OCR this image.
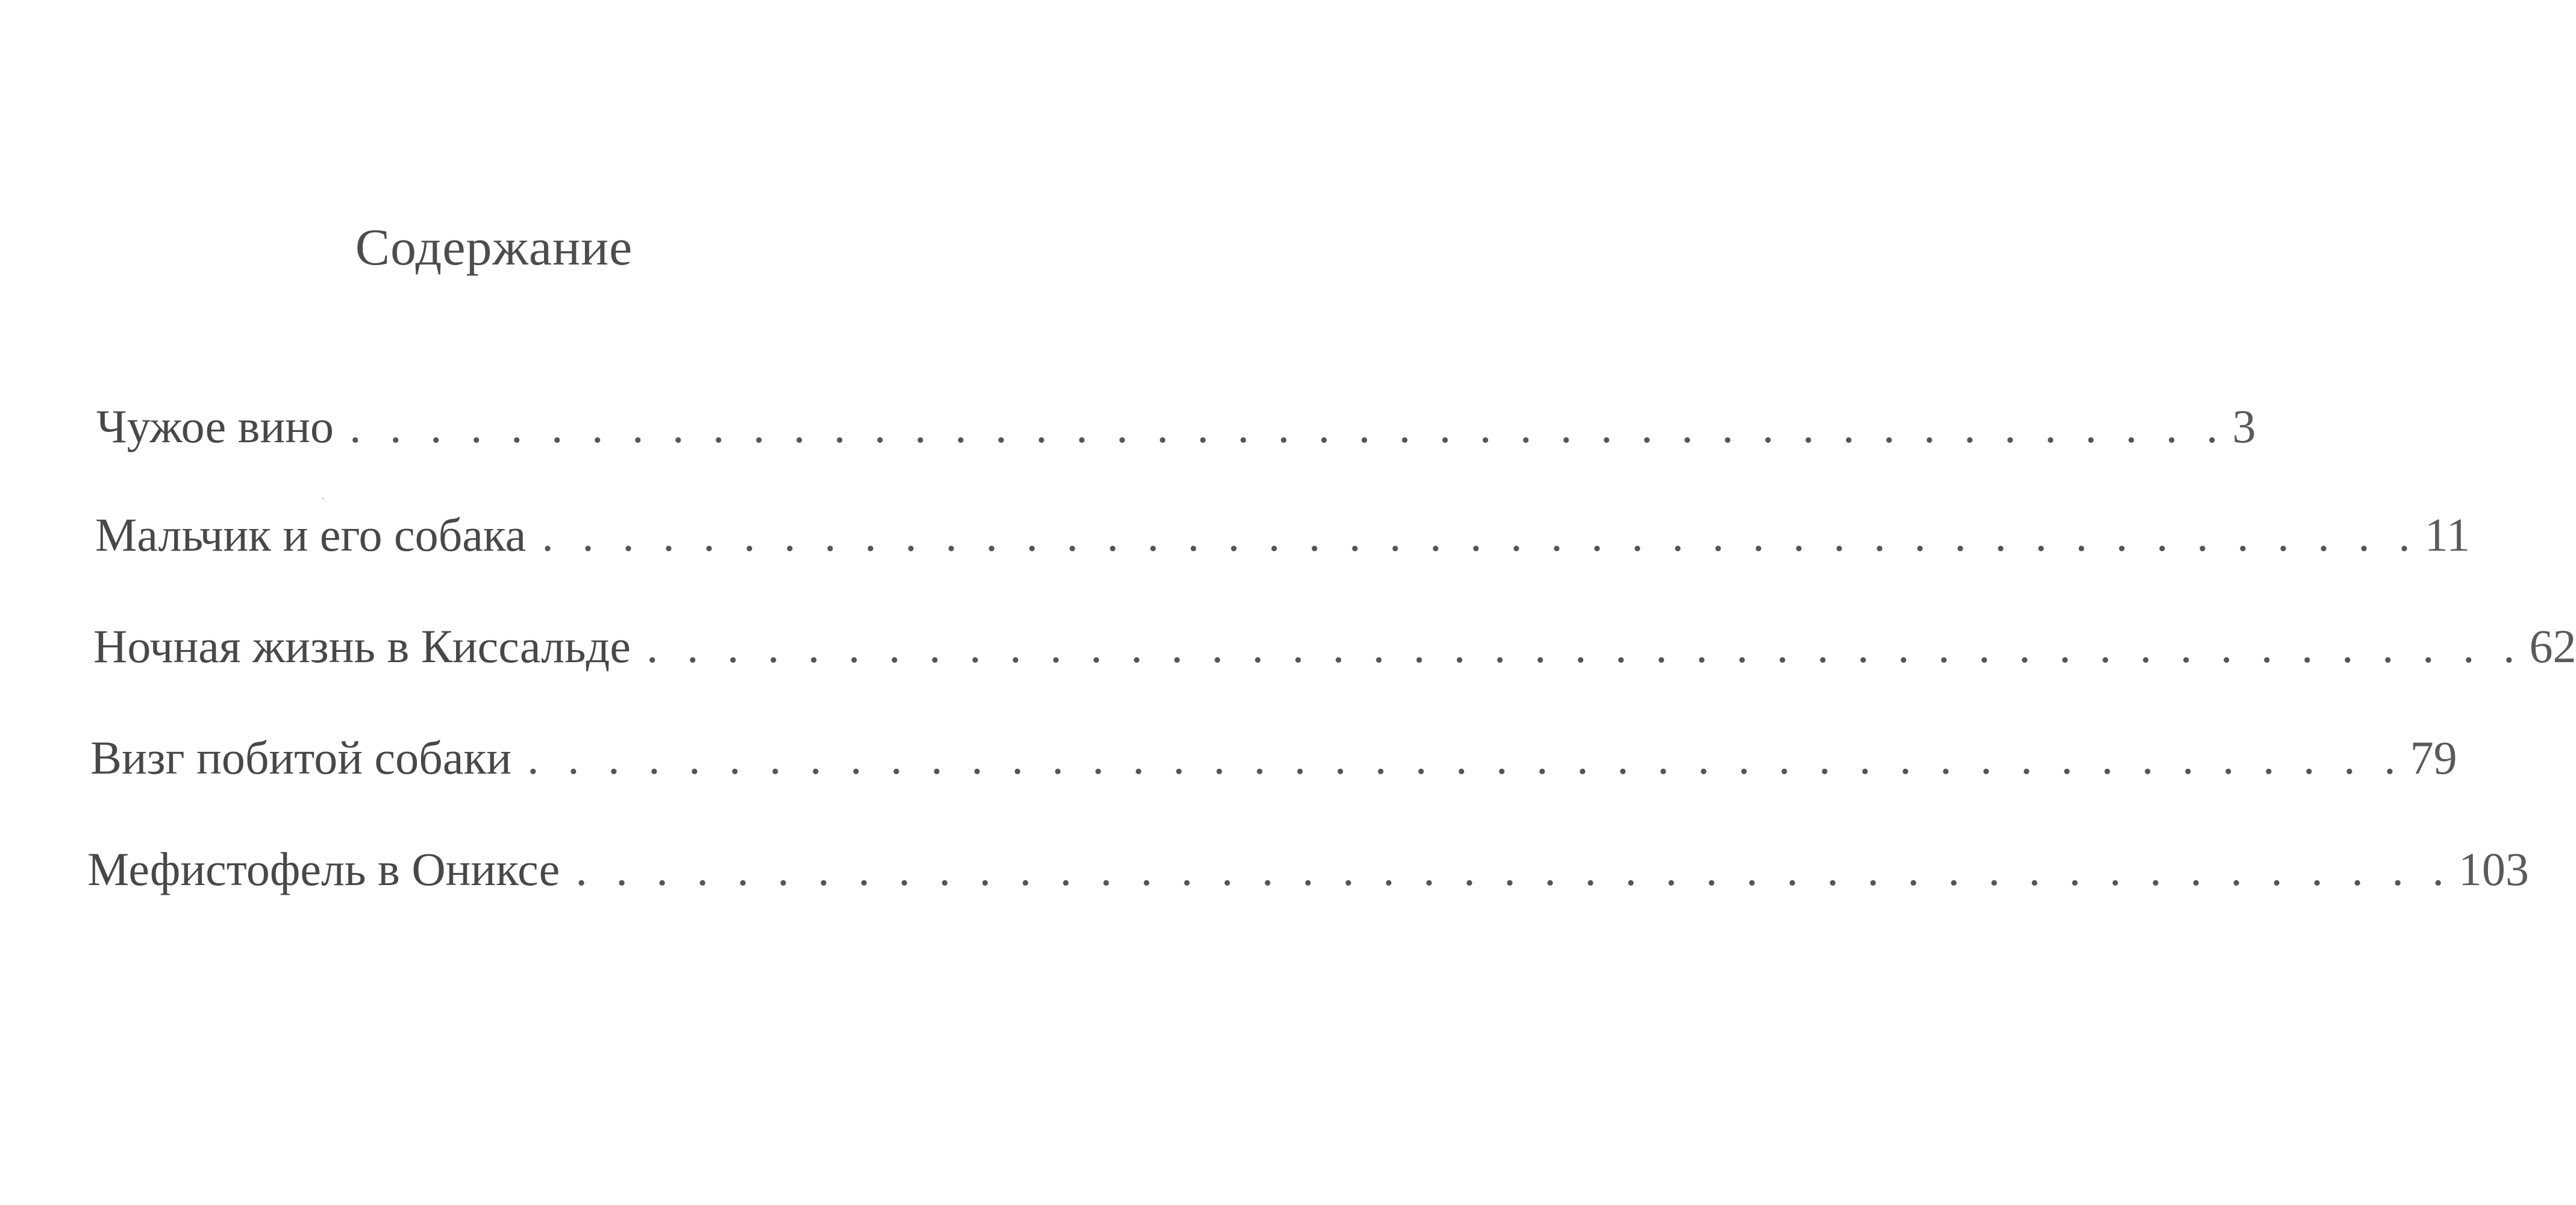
Содержание
Чужое вино . . . . . . . . . . . . . . . . . . . . . . . . . . . . . . . . . . . . . . . . . . . . . . . 3
Мальчик и его собака . . . . . . . . . . . . . . . . . . . . . . . . . . . . . . . . . . . . . . . . . . . . . . . 11
Ночная жизнь в Киссальде . . . . . . . . . . . . . . . . . . . . . . . . . . . . . . . . . . . . . . . . . . . . . . . 62
Визг побитой собаки . . . . . . . . . . . . . . . . . . . . . . . . . . . . . . . . . . . . . . . . . . . . . . . 79
Мефистофель в Ониксе . . . . . . . . . . . . . . . . . . . . . . . . . . . . . . . . . . . . . . . . . . . . . . . 103
